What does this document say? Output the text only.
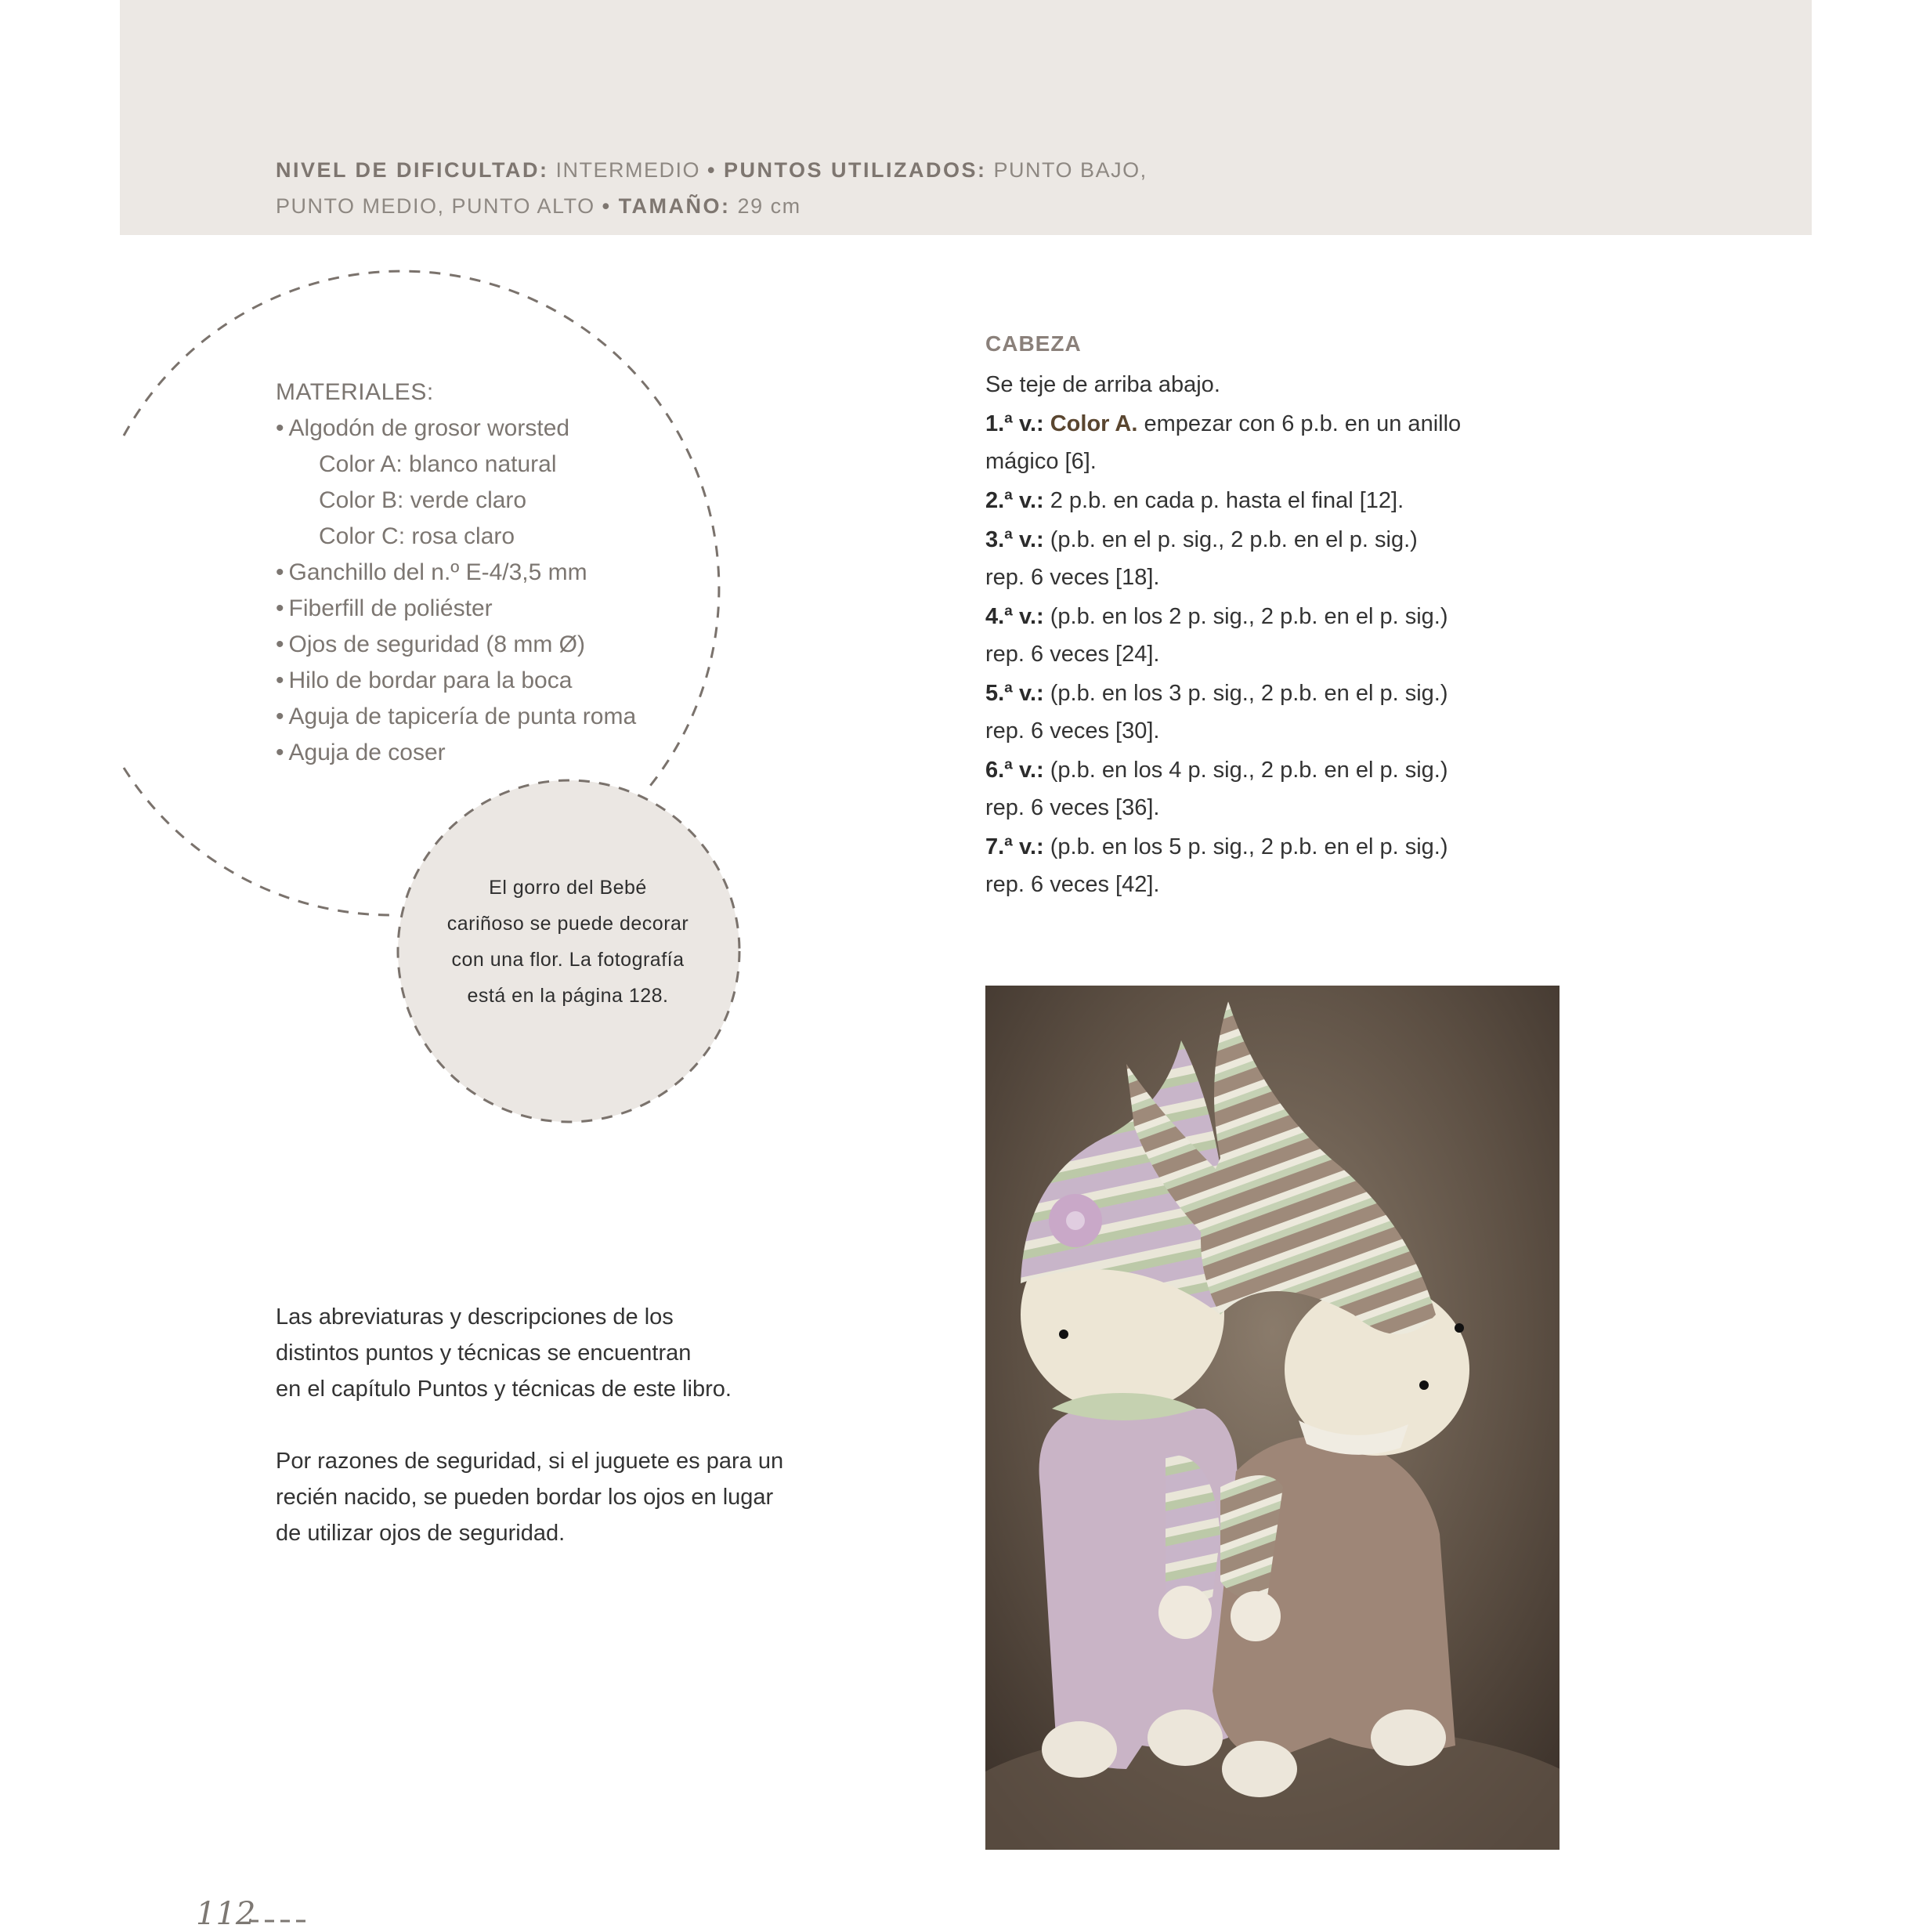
NIVEL DE DIFICULTAD: INTERMEDIO • PUNTOS UTILIZADOS: PUNTO BAJO,
PUNTO MEDIO, PUNTO ALTO • TAMAÑO: 29 cm
MATERIALES:
• Algodón de grosor worsted
Color A: blanco natural
Color B: verde claro
Color C: rosa claro
• Ganchillo del n.º E-4/3,5 mm
• Fiberfill de poliéster
• Ojos de seguridad (8 mm Ø)
• Hilo de bordar para la boca
• Aguja de tapicería de punta roma
• Aguja de coser
El gorro del Bebé
cariñoso se puede decorar
con una flor. La fotografía
está en la página 128.

Las abreviaturas y descripciones de los
distintos puntos y técnicas se encuentran
en el capítulo Puntos y técnicas de este libro.

Por razones de seguridad, si el juguete es para un
recién nacido, se pueden bordar los ojos en lugar
de utilizar ojos de seguridad.

CABEZA
Se teje de arriba abajo.
1.ª v.: Color A. empezar con 6 p.b. en un anillo
mágico [6].
2.ª v.: 2 p.b. en cada p. hasta el final [12].
3.ª v.: (p.b. en el p. sig., 2 p.b. en el p. sig.)
rep. 6 veces [18].
4.ª v.: (p.b. en los 2 p. sig., 2 p.b. en el p. sig.)
rep. 6 veces [24].
5.ª v.: (p.b. en los 3 p. sig., 2 p.b. en el p. sig.)
rep. 6 veces [30].
6.ª v.: (p.b. en los 4 p. sig., 2 p.b. en el p. sig.)
rep. 6 veces [36].
7.ª v.: (p.b. en los 5 p. sig., 2 p.b. en el p. sig.)
rep. 6 veces [42].
112
